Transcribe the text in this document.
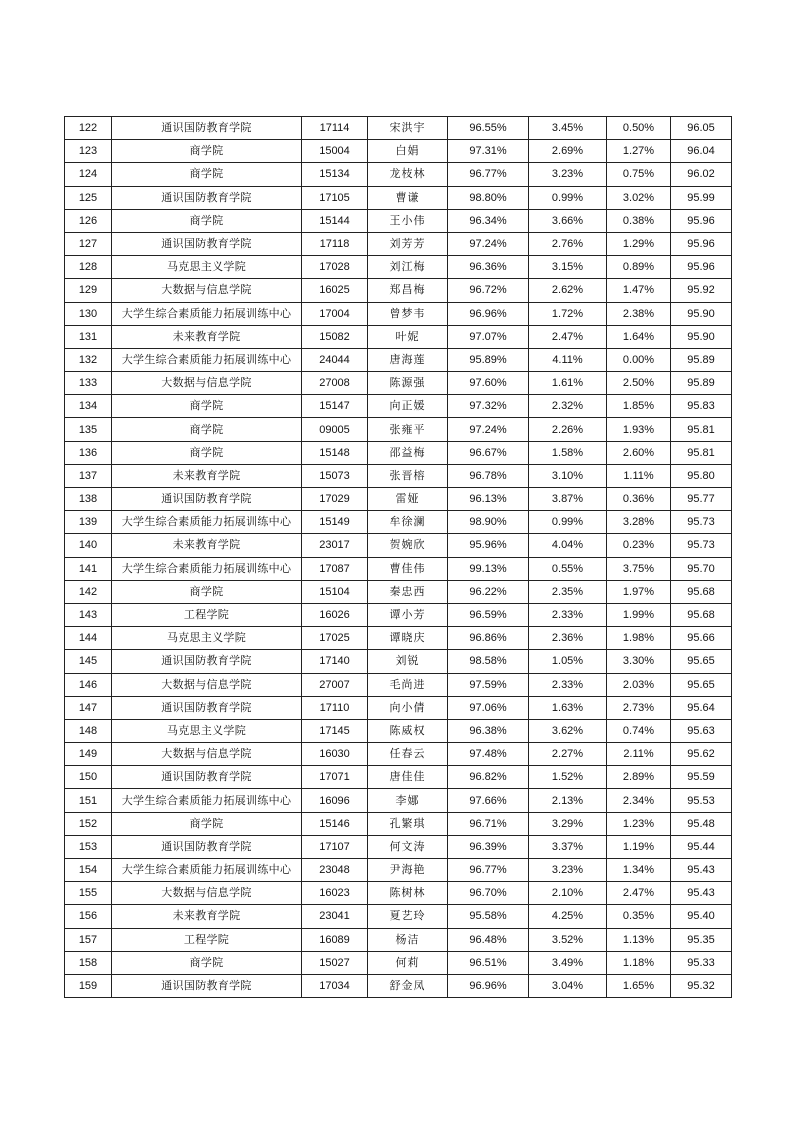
122	通识国防教育学院	17114	宋洪宇	96.55%	3.45%	0.50%	96.05
123	商学院	15004	白娟	97.31%	2.69%	1.27%	96.04
124	商学院	15134	龙枝林	96.77%	3.23%	0.75%	96.02
125	通识国防教育学院	17105	曹谦	98.80%	0.99%	3.02%	95.99
126	商学院	15144	王小伟	96.34%	3.66%	0.38%	95.96
127	通识国防教育学院	17118	刘芳芳	97.24%	2.76%	1.29%	95.96
128	马克思主义学院	17028	刘江梅	96.36%	3.15%	0.89%	95.96
129	大数据与信息学院	16025	郑昌梅	96.72%	2.62%	1.47%	95.92
130	大学生综合素质能力拓展训练中心	17004	曾梦韦	96.96%	1.72%	2.38%	95.90
131	未来教育学院	15082	叶妮	97.07%	2.47%	1.64%	95.90
132	大学生综合素质能力拓展训练中心	24044	唐海莲	95.89%	4.11%	0.00%	95.89
133	大数据与信息学院	27008	陈源强	97.60%	1.61%	2.50%	95.89
134	商学院	15147	向正媛	97.32%	2.32%	1.85%	95.83
135	商学院	09005	张雍平	97.24%	2.26%	1.93%	95.81
136	商学院	15148	邵益梅	96.67%	1.58%	2.60%	95.81
137	未来教育学院	15073	张晋榕	96.78%	3.10%	1.11%	95.80
138	通识国防教育学院	17029	雷娅	96.13%	3.87%	0.36%	95.77
139	大学生综合素质能力拓展训练中心	15149	牟徐澜	98.90%	0.99%	3.28%	95.73
140	未来教育学院	23017	贺婉欣	95.96%	4.04%	0.23%	95.73
141	大学生综合素质能力拓展训练中心	17087	曹佳伟	99.13%	0.55%	3.75%	95.70
142	商学院	15104	秦忠西	96.22%	2.35%	1.97%	95.68
143	工程学院	16026	谭小芳	96.59%	2.33%	1.99%	95.68
144	马克思主义学院	17025	谭晓庆	96.86%	2.36%	1.98%	95.66
145	通识国防教育学院	17140	刘锐	98.58%	1.05%	3.30%	95.65
146	大数据与信息学院	27007	毛尚进	97.59%	2.33%	2.03%	95.65
147	通识国防教育学院	17110	向小倩	97.06%	1.63%	2.73%	95.64
148	马克思主义学院	17145	陈威权	96.38%	3.62%	0.74%	95.63
149	大数据与信息学院	16030	任春云	97.48%	2.27%	2.11%	95.62
150	通识国防教育学院	17071	唐佳佳	96.82%	1.52%	2.89%	95.59
151	大学生综合素质能力拓展训练中心	16096	李娜	97.66%	2.13%	2.34%	95.53
152	商学院	15146	孔繁琪	96.71%	3.29%	1.23%	95.48
153	通识国防教育学院	17107	何文涛	96.39%	3.37%	1.19%	95.44
154	大学生综合素质能力拓展训练中心	23048	尹海艳	96.77%	3.23%	1.34%	95.43
155	大数据与信息学院	16023	陈树林	96.70%	2.10%	2.47%	95.43
156	未来教育学院	23041	夏艺玲	95.58%	4.25%	0.35%	95.40
157	工程学院	16089	杨洁	96.48%	3.52%	1.13%	95.35
158	商学院	15027	何莉	96.51%	3.49%	1.18%	95.33
159	通识国防教育学院	17034	舒金凤	96.96%	3.04%	1.65%	95.32
